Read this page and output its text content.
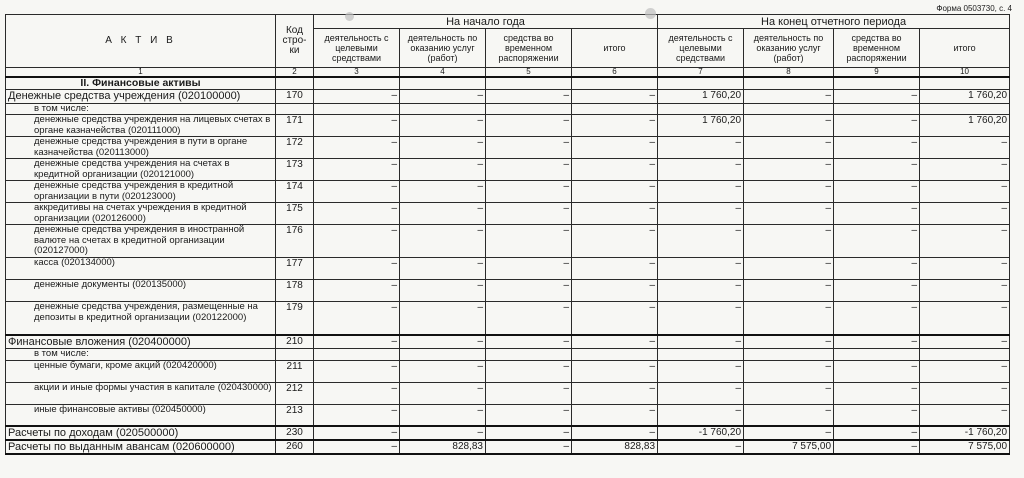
Форма 0503730, с. 4
А К Т И В	Код стро-ки	На начало года				На конец отчетного периода			
		деятельность с целевыми средствами	деятельность по оказанию услуг (работ)	средства во временном распоряжении	итого	деятельность с целевыми средствами	деятельность по оказанию услуг (работ)	средства во временном распоряжении	итого
1	2	3	4	5	6	7	8	9	10
II. Финансовые активы									
Денежные средства учреждения (020100000)	170	–	–	–	–	1 760,20	–	–	1 760,20
в том числе:									
денежные средства учреждения на лицевых счетах в органе казначейства (020111000)	171	–	–	–	–	1 760,20	–	–	1 760,20
денежные средства учреждения в пути в органе казначейства (020113000)	172	–	–	–	–	–	–	–	–
денежные средства учреждения на счетах в кредитной организации (020121000)	173	–	–	–	–	–	–	–	–
денежные средства учреждения в кредитной организации в пути (020123000)	174	–	–	–	–	–	–	–	–
аккредитивы на счетах учреждения в кредитной организации (020126000)	175	–	–	–	–	–	–	–	–
денежные средства учреждения в иностранной валюте на счетах в кредитной организации (020127000)	176	–	–	–	–	–	–	–	–
касса (020134000)	177	–	–	–	–	–	–	–	–
денежные документы (020135000)	178	–	–	–	–	–	–	–	–
денежные средства учреждения, размещенные на депозиты в кредитной организации (020122000)	179	–	–	–	–	–	–	–	–
Финансовые вложения (020400000)	210	–	–	–	–	–	–	–	–
в том числе:									
ценные бумаги, кроме акций (020420000)	211	–	–	–	–	–	–	–	–
акции и иные формы участия в капитале (020430000)	212	–	–	–	–	–	–	–	–
иные финансовые активы (020450000)	213	–	–	–	–	–	–	–	–
Расчеты по доходам (020500000)	230	–	–	–	–	-1 760,20	–	–	-1 760,20
Расчеты по выданным авансам (020600000)	260	–	828,83	–	828,83	–	7 575,00	–	7 575,00
